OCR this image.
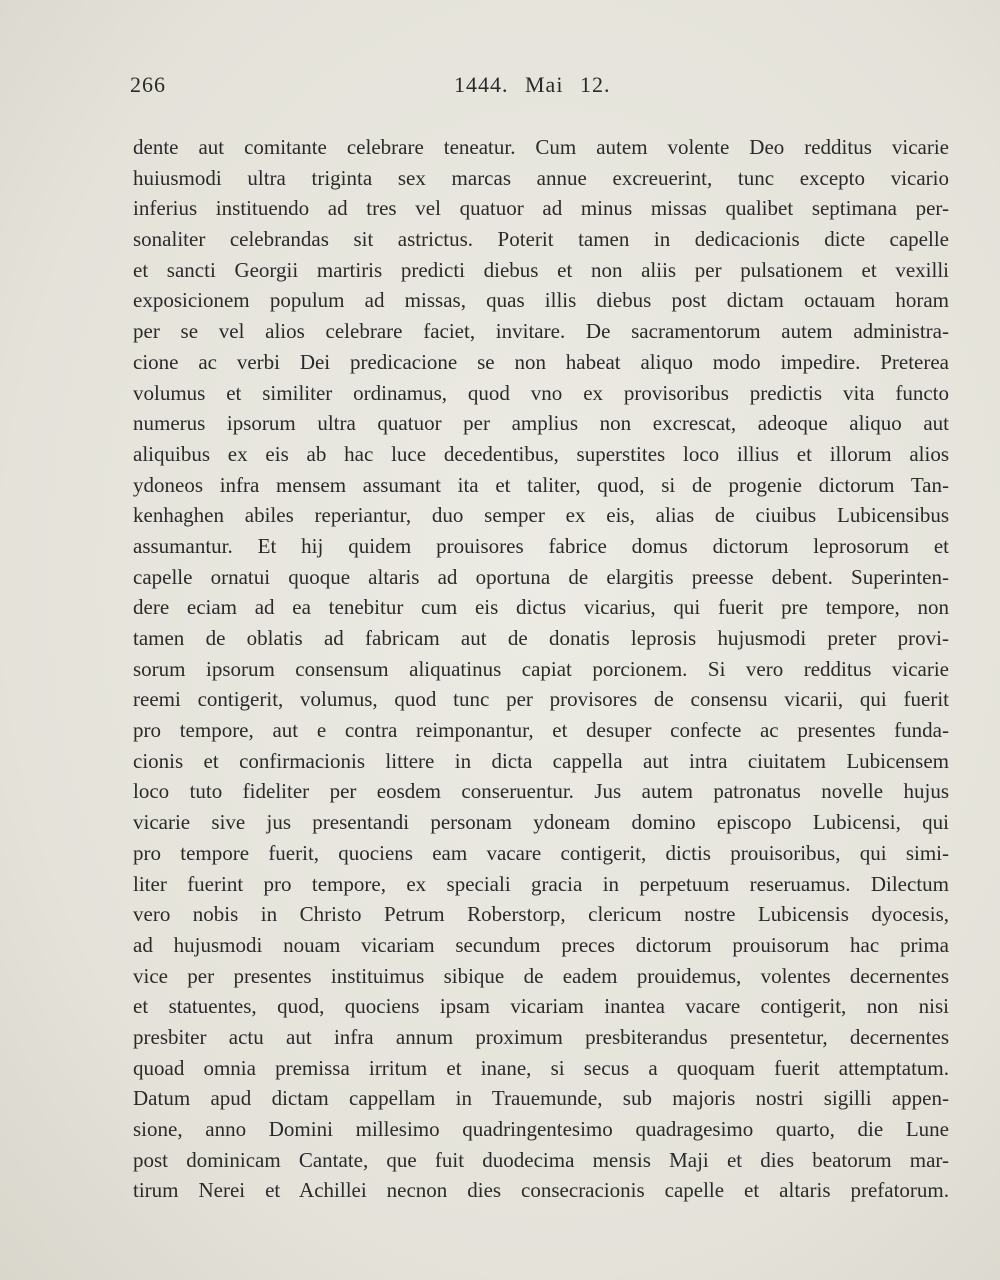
266	1444. Mai 12.
dente aut comitante celebrare teneatur. Cum autem volente Deo redditus vicarie
huiusmodi ultra triginta sex marcas annue excreuerint, tunc excepto vicario
inferius instituendo ad tres vel quatuor ad minus missas qualibet septimana per-
sonaliter celebrandas sit astrictus. Poterit tamen in dedicacionis dicte capelle
et sancti Georgii martiris predicti diebus et non aliis per pulsationem et vexilli
exposicionem populum ad missas, quas illis diebus post dictam octauam horam
per se vel alios celebrare faciet, invitare. De sacramentorum autem administra-
cione ac verbi Dei predicacione se non habeat aliquo modo impedire. Preterea
volumus et similiter ordinamus, quod vno ex provisoribus predictis vita functo
numerus ipsorum ultra quatuor per amplius non excrescat, adeoque aliquo aut
aliquibus ex eis ab hac luce decedentibus, superstites loco illius et illorum alios
ydoneos infra mensem assumant ita et taliter, quod, si de progenie dictorum Tan-
kenhaghen abiles reperiantur, duo semper ex eis, alias de ciuibus Lubicensibus
assumantur. Et hij quidem prouisores fabrice domus dictorum leprosorum et
capelle ornatui quoque altaris ad oportuna de elargitis preesse debent. Superinten-
dere eciam ad ea tenebitur cum eis dictus vicarius, qui fuerit pre tempore, non
tamen de oblatis ad fabricam aut de donatis leprosis hujusmodi preter provi-
sorum ipsorum consensum aliquatinus capiat porcionem. Si vero redditus vicarie
reemi contigerit, volumus, quod tunc per provisores de consensu vicarii, qui fuerit
pro tempore, aut e contra reimponantur, et desuper confecte ac presentes funda-
cionis et confirmacionis littere in dicta cappella aut intra ciuitatem Lubicensem
loco tuto fideliter per eosdem conseruentur. Jus autem patronatus novelle hujus
vicarie sive jus presentandi personam ydoneam domino episcopo Lubicensi, qui
pro tempore fuerit, quociens eam vacare contigerit, dictis prouisoribus, qui simi-
liter fuerint pro tempore, ex speciali gracia in perpetuum reseruamus. Dilectum
vero nobis in Christo Petrum Roberstorp, clericum nostre Lubicensis dyocesis,
ad hujusmodi nouam vicariam secundum preces dictorum prouisorum hac prima
vice per presentes instituimus sibique de eadem prouidemus, volentes decernentes
et statuentes, quod, quociens ipsam vicariam inantea vacare contigerit, non nisi
presbiter actu aut infra annum proximum presbiterandus presentetur, decernentes
quoad omnia premissa irritum et inane, si secus a quoquam fuerit attemptatum.
Datum apud dictam cappellam in Trauemunde, sub majoris nostri sigilli appen-
sione, anno Domini millesimo quadringentesimo quadragesimo quarto, die Lune
post dominicam Cantate, que fuit duodecima mensis Maji et dies beatorum mar-
tirum Nerei et Achillei necnon dies consecracionis capelle et altaris prefatorum.
